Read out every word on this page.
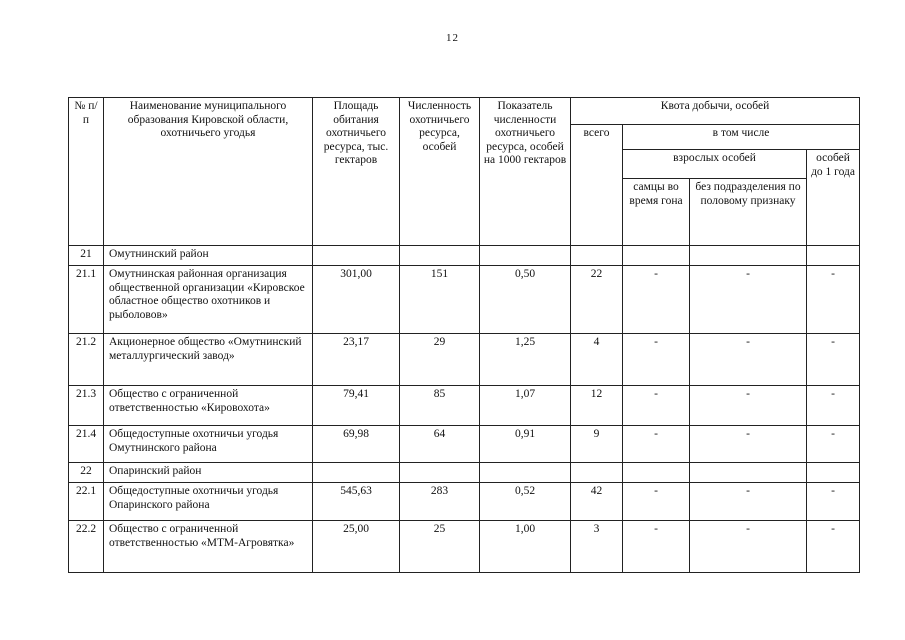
12
№ п/п	Наименование муниципального образования Кировской области, охотничьего угодья	Площадь обитания охотничьего ресурса, тыс. гектаров	Численность охотничьего ресурса, особей	Показатель численности охотничьего ресурса, особей на 1000 гектаров	Квота добычи, особей			
					всего	в том числе		
						взрослых особей		особей до 1 года
						самцы во время гона	без подразделения по половому признаку	
21	Омутнинский район							
21.1	Омутнинская районная организация общественной организации «Кировское областное общество охотников и рыболовов»	301,00	151	0,50	22	-	-	-
21.2	Акционерное общество «Омутнинский металлургический завод»	23,17	29	1,25	4	-	-	-
21.3	Общество с ограниченной ответственностью «Кировохота»	79,41	85	1,07	12	-	-	-
21.4	Общедоступные охотничьи угодья Омутнинского района	69,98	64	0,91	9	-	-	-
22	Опаринский район							
22.1	Общедоступные охотничьи угодья Опаринского района	545,63	283	0,52	42	-	-	-
22.2	Общество с ограниченной ответственностью «МТМ-Агровятка»	25,00	25	1,00	3	-	-	-
